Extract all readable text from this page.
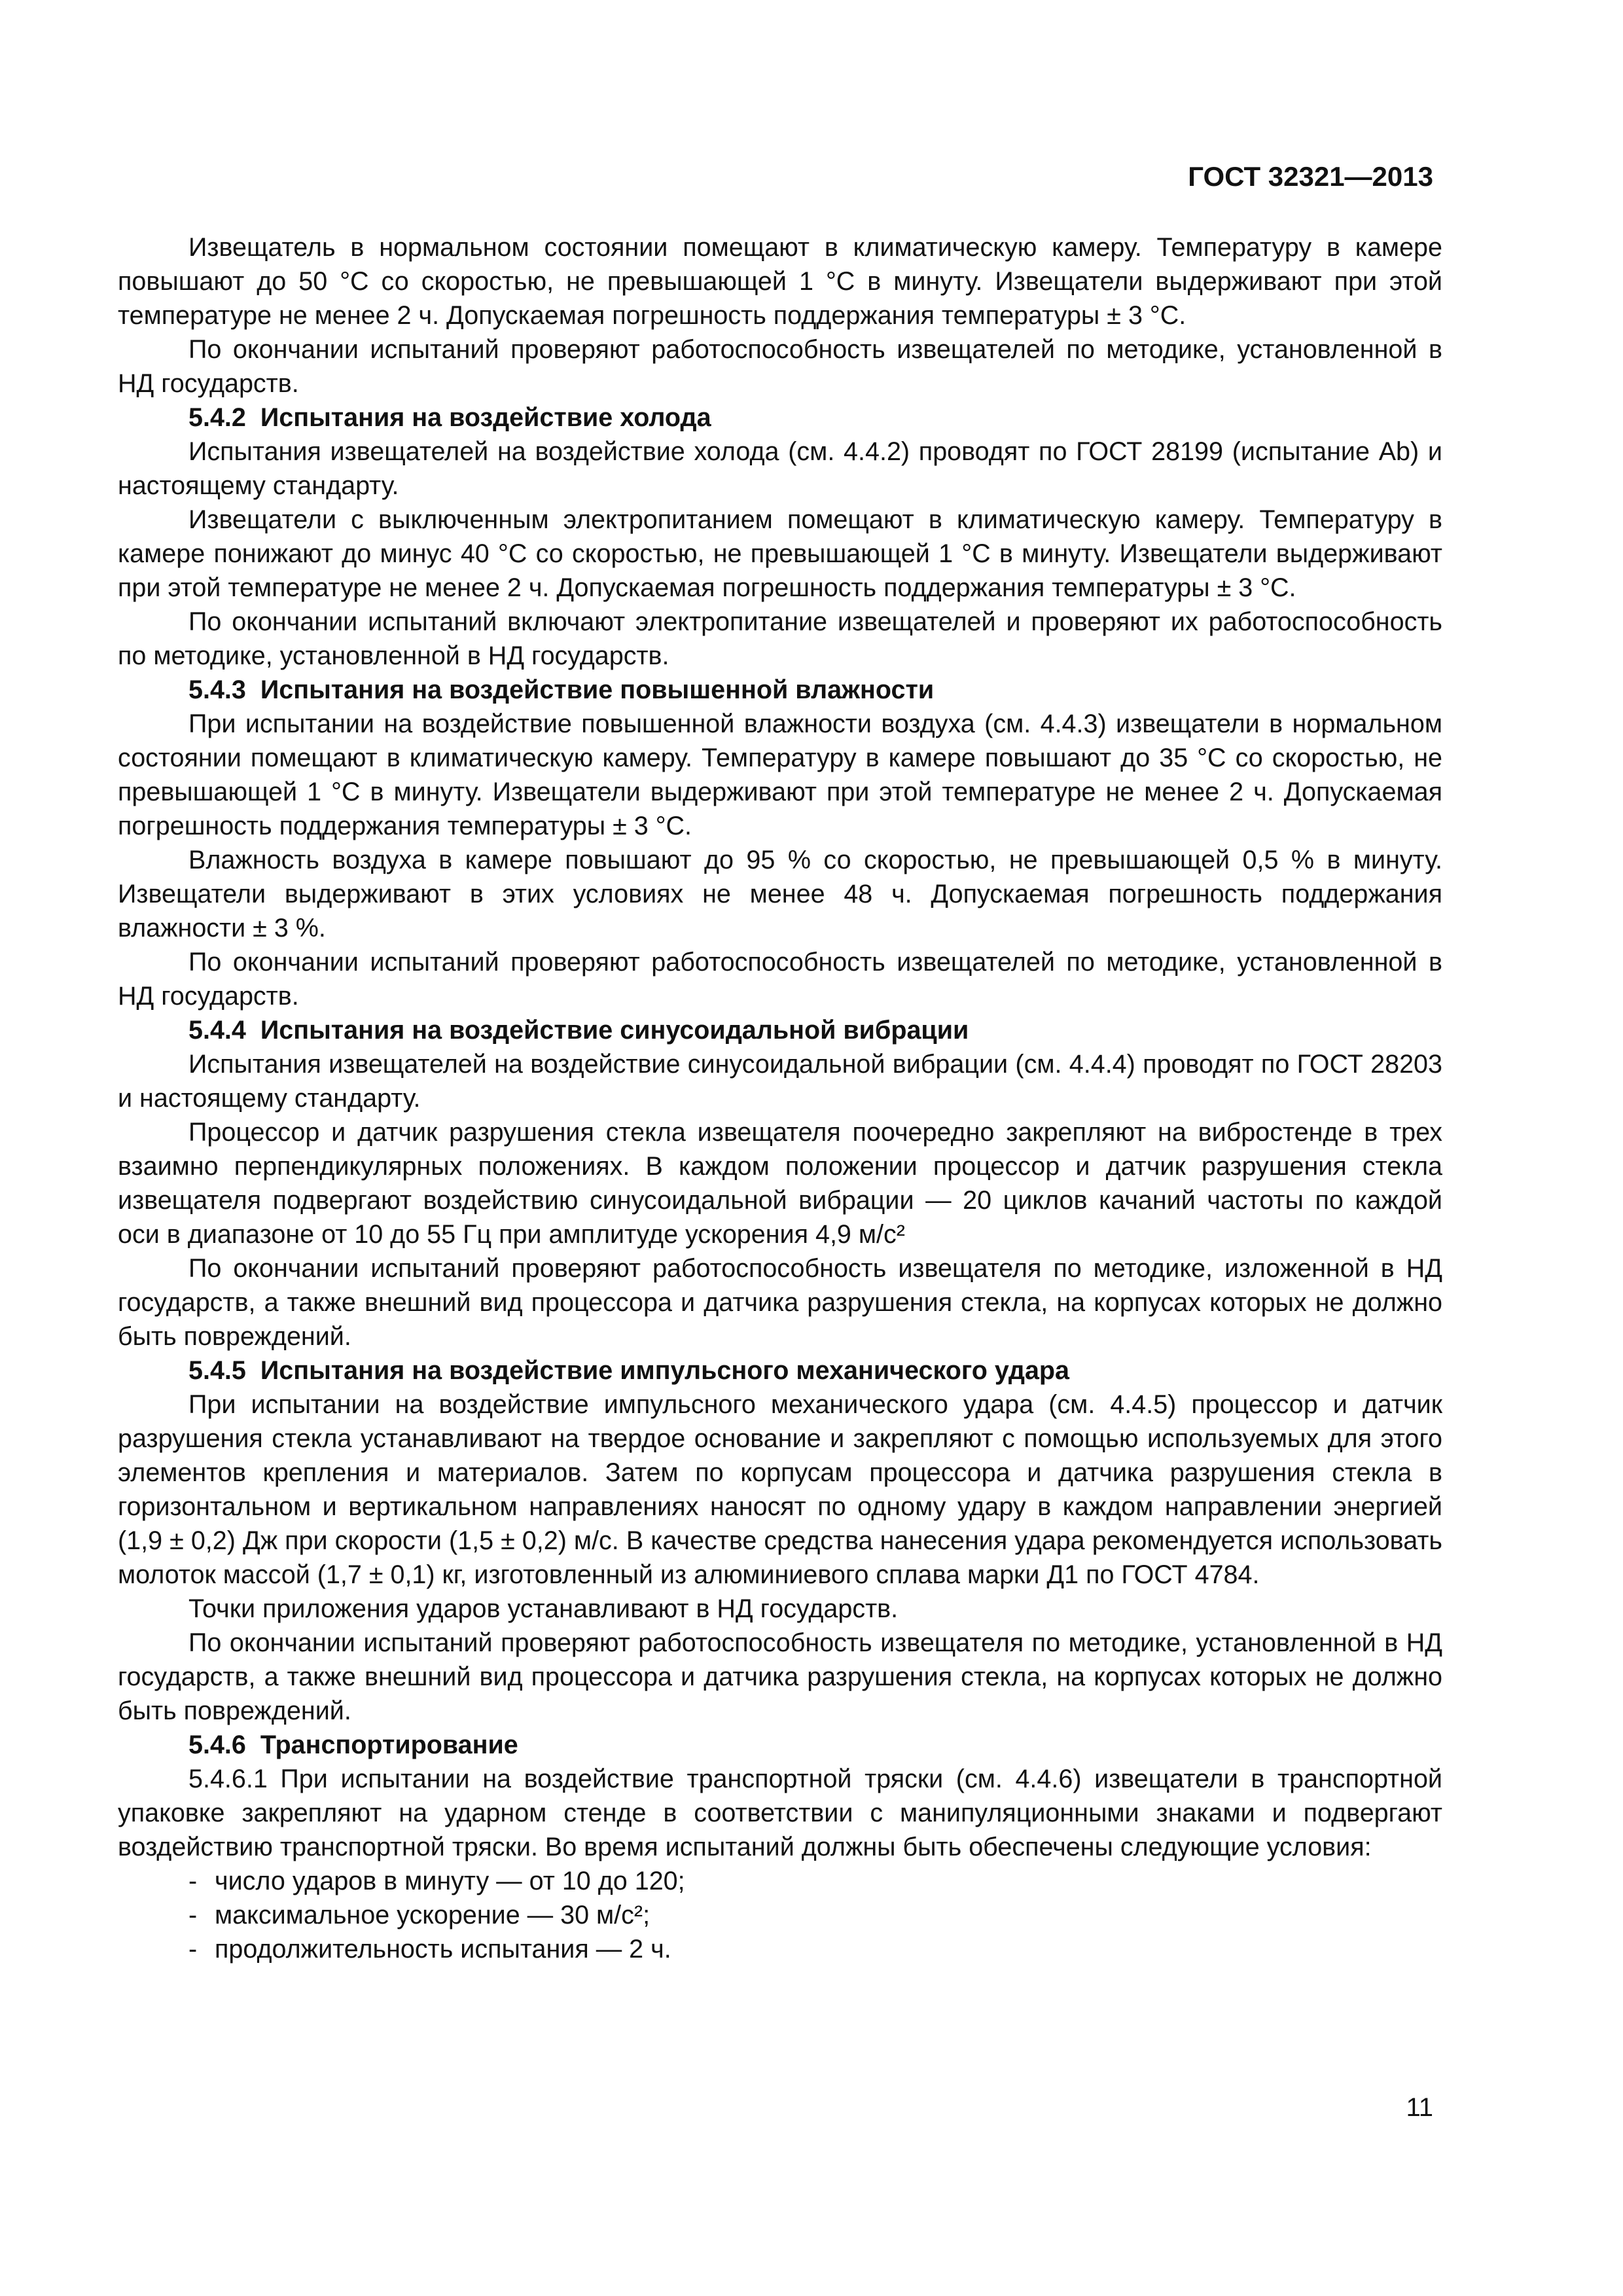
ГОСТ 32321—2013

Извещатель в нормальном состоянии помещают в климатическую камеру. Температуру в камере повышают до 50 °С со скоростью, не превышающей 1 °С в минуту. Извещатели выдерживают при этой температуре не менее 2 ч. Допускаемая погрешность поддержания температуры ± 3 °С.

По окончании испытаний проверяют работоспособность извещателей по методике, установленной в НД государств.

5.4.2 Испытания на воздействие холода

Испытания извещателей на воздействие холода (см. 4.4.2) проводят по ГОСТ 28199 (испытание Аb) и настоящему стандарту.

Извещатели с выключенным электропитанием помещают в климатическую камеру. Температуру в камере понижают до минус 40 °С со скоростью, не превышающей 1 °С в минуту. Извещатели выдерживают при этой температуре не менее 2 ч. Допускаемая погрешность поддержания температуры ± 3 °С.

По окончании испытаний включают электропитание извещателей и проверяют их работоспособность по методике, установленной в НД государств.

5.4.3 Испытания на воздействие повышенной влажности

При испытании на воздействие повышенной влажности воздуха (см. 4.4.3) извещатели в нормальном состоянии помещают в климатическую камеру. Температуру в камере повышают до 35 °С со скоростью, не превышающей 1 °С в минуту. Извещатели выдерживают при этой температуре не менее 2 ч. Допускаемая погрешность поддержания температуры ± 3 °С.

Влажность воздуха в камере повышают до 95 % со скоростью, не превышающей 0,5 % в минуту. Извещатели выдерживают в этих условиях не менее 48 ч. Допускаемая погрешность поддержания влажности ± 3 %.

По окончании испытаний проверяют работоспособность извещателей по методике, установленной в НД государств.

5.4.4 Испытания на воздействие синусоидальной вибрации

Испытания извещателей на воздействие синусоидальной вибрации (см. 4.4.4) проводят по ГОСТ 28203 и настоящему стандарту.

Процессор и датчик разрушения стекла извещателя поочередно закрепляют на вибростенде в трех взаимно перпендикулярных положениях. В каждом положении процессор и датчик разрушения стекла извещателя подвергают воздействию синусоидальной вибрации — 20 циклов качаний частоты по каждой оси в диапазоне от 10 до 55 Гц при амплитуде ускорения 4,9 м/с²

По окончании испытаний проверяют работоспособность извещателя по методике, изложенной в НД государств, а также внешний вид процессора и датчика разрушения стекла, на корпусах которых не должно быть повреждений.

5.4.5 Испытания на воздействие импульсного механического удара

При испытании на воздействие импульсного механического удара (см. 4.4.5) процессор и датчик разрушения стекла устанавливают на твердое основание и закрепляют с помощью используемых для этого элементов крепления и материалов. Затем по корпусам процессора и датчика разрушения стекла в горизонтальном и вертикальном направлениях наносят по одному удару в каждом направлении энергией (1,9 ± 0,2) Дж при скорости (1,5 ± 0,2) м/с. В качестве средства нанесения удара рекомендуется использовать молоток массой (1,7 ± 0,1) кг, изготовленный из алюминиевого сплава марки Д1 по ГОСТ 4784.

Точки приложения ударов устанавливают в НД государств.

По окончании испытаний проверяют работоспособность извещателя по методике, установленной в НД государств, а также внешний вид процессора и датчика разрушения стекла, на корпусах которых не должно быть повреждений.

5.4.6 Транспортирование

5.4.6.1 При испытании на воздействие транспортной тряски (см. 4.4.6) извещатели в транспортной упаковке закрепляют на ударном стенде в соответствии с манипуляционными знаками и подвергают воздействию транспортной тряски. Во время испытаний должны быть обеспечены следующие условия:

- число ударов в минуту — от 10 до 120;
- максимальное ускорение — 30 м/с²;
- продолжительность испытания — 2 ч.
11
